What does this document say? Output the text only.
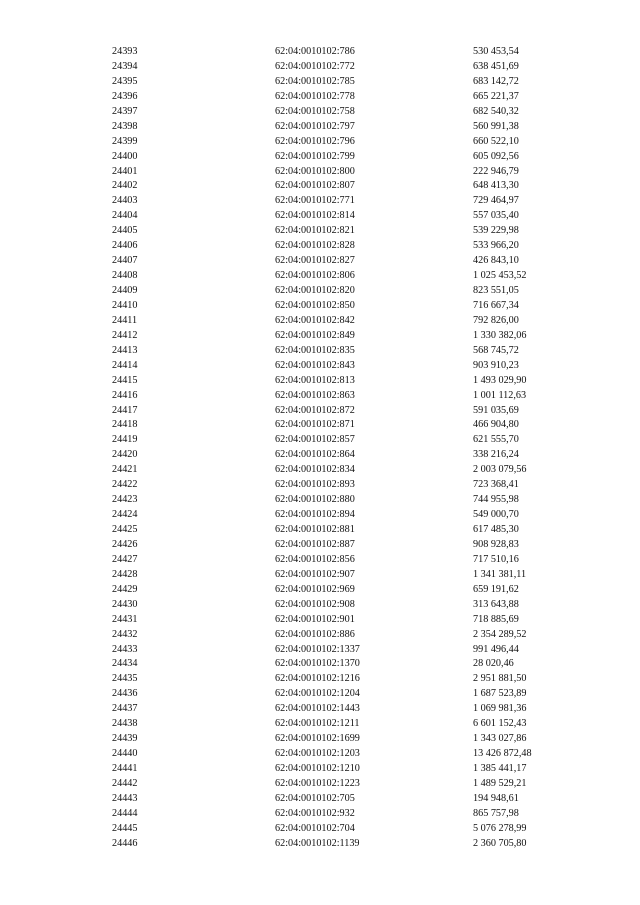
24393	62:04:0010102:786	530 453,54
24394	62:04:0010102:772	638 451,69
24395	62:04:0010102:785	683 142,72
24396	62:04:0010102:778	665 221,37
24397	62:04:0010102:758	682 540,32
24398	62:04:0010102:797	560 991,38
24399	62:04:0010102:796	660 522,10
24400	62:04:0010102:799	605 092,56
24401	62:04:0010102:800	222 946,79
24402	62:04:0010102:807	648 413,30
24403	62:04:0010102:771	729 464,97
24404	62:04:0010102:814	557 035,40
24405	62:04:0010102:821	539 229,98
24406	62:04:0010102:828	533 966,20
24407	62:04:0010102:827	426 843,10
24408	62:04:0010102:806	1 025 453,52
24409	62:04:0010102:820	823 551,05
24410	62:04:0010102:850	716 667,34
24411	62:04:0010102:842	792 826,00
24412	62:04:0010102:849	1 330 382,06
24413	62:04:0010102:835	568 745,72
24414	62:04:0010102:843	903 910,23
24415	62:04:0010102:813	1 493 029,90
24416	62:04:0010102:863	1 001 112,63
24417	62:04:0010102:872	591 035,69
24418	62:04:0010102:871	466 904,80
24419	62:04:0010102:857	621 555,70
24420	62:04:0010102:864	338 216,24
24421	62:04:0010102:834	2 003 079,56
24422	62:04:0010102:893	723 368,41
24423	62:04:0010102:880	744 955,98
24424	62:04:0010102:894	549 000,70
24425	62:04:0010102:881	617 485,30
24426	62:04:0010102:887	908 928,83
24427	62:04:0010102:856	717 510,16
24428	62:04:0010102:907	1 341 381,11
24429	62:04:0010102:969	659 191,62
24430	62:04:0010102:908	313 643,88
24431	62:04:0010102:901	718 885,69
24432	62:04:0010102:886	2 354 289,52
24433	62:04:0010102:1337	991 496,44
24434	62:04:0010102:1370	28 020,46
24435	62:04:0010102:1216	2 951 881,50
24436	62:04:0010102:1204	1 687 523,89
24437	62:04:0010102:1443	1 069 981,36
24438	62:04:0010102:1211	6 601 152,43
24439	62:04:0010102:1699	1 343 027,86
24440	62:04:0010102:1203	13 426 872,48
24441	62:04:0010102:1210	1 385 441,17
24442	62:04:0010102:1223	1 489 529,21
24443	62:04:0010102:705	194 948,61
24444	62:04:0010102:932	865 757,98
24445	62:04:0010102:704	5 076 278,99
24446	62:04:0010102:1139	2 360 705,80
